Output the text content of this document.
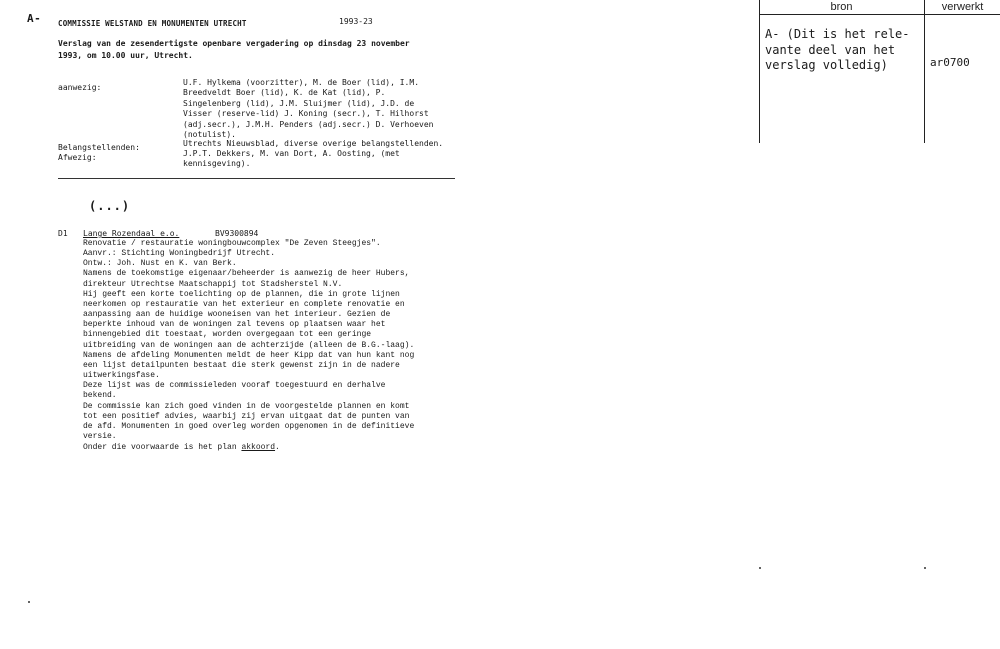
A- COMMISSIE WELSTAND EN MONUMENTEN UTRECHT	1993-23
Verslag van de zesendertigste openbare vergadering op dinsdag 23 november
1993, om 10.00 uur, Utrecht.
aanwezig:
U.F. Hylkema (voorzitter), M. de Boer (lid), I.M.
Breedveldt Boer (lid), K. de Kat (lid), P.
Singelenberg (lid), J.M. Sluijmer (lid), J.D. de
Visser (reserve-lid) J. Koning (secr.), T. Hilhorst
(adj.secr.), J.M.H. Penders (adj.secr.) D. Verhoeven
(notulist).
Belangstellenden:	Utrechts Nieuwsblad, diverse overige belangstellenden.
Afwezig:	J.P.T. Dekkers, M. van Dort, A. Oosting, (met
kennisgeving).
(...)
D1 Lange Rozendaal e.o.	BV9300894
Renovatie / restauratie woningbouwcomplex "De Zeven Steegjes".
Aanvr.: Stichting Woningbedrijf Utrecht.
Ontw.: Joh. Nust en K. van Berk.
Namens de toekomstige eigenaar/beheerder is aanwezig de heer Hubers,
direkteur Utrechtse Maatschappij tot Stadsherstel N.V.
Hij geeft een korte toelichting op de plannen, die in grote lijnen
neerkomen op restauratie van het exterieur en complete renovatie en
aanpassing aan de huidige wooneisen van het interieur. Gezien de
beperkte inhoud van de woningen zal tevens op plaatsen waar het
binnengebied dit toestaat, worden overgegaan tot een geringe
uitbreiding van de woningen aan de achterzijde (alleen de B.G.-laag).
Namens de afdeling Monumenten meldt de heer Kipp dat van hun kant nog
een lijst detailpunten bestaat die sterk gewenst zijn in de nadere
uitwerkingsfase.
Deze lijst was de commissieleden vooraf toegestuurd en derhalve
bekend.
De commissie kan zich goed vinden in de voorgestelde plannen en komt
tot een positief advies, waarbij zij ervan uitgaat dat de punten van
de afd. Monumenten in goed overleg worden opgenomen in de definitieve
versie.
Onder die voorwaarde is het plan akkoord.
bron	verwerkt
A- (Dit is het rele-
vante deel van het
verslag volledig)	ar0700
